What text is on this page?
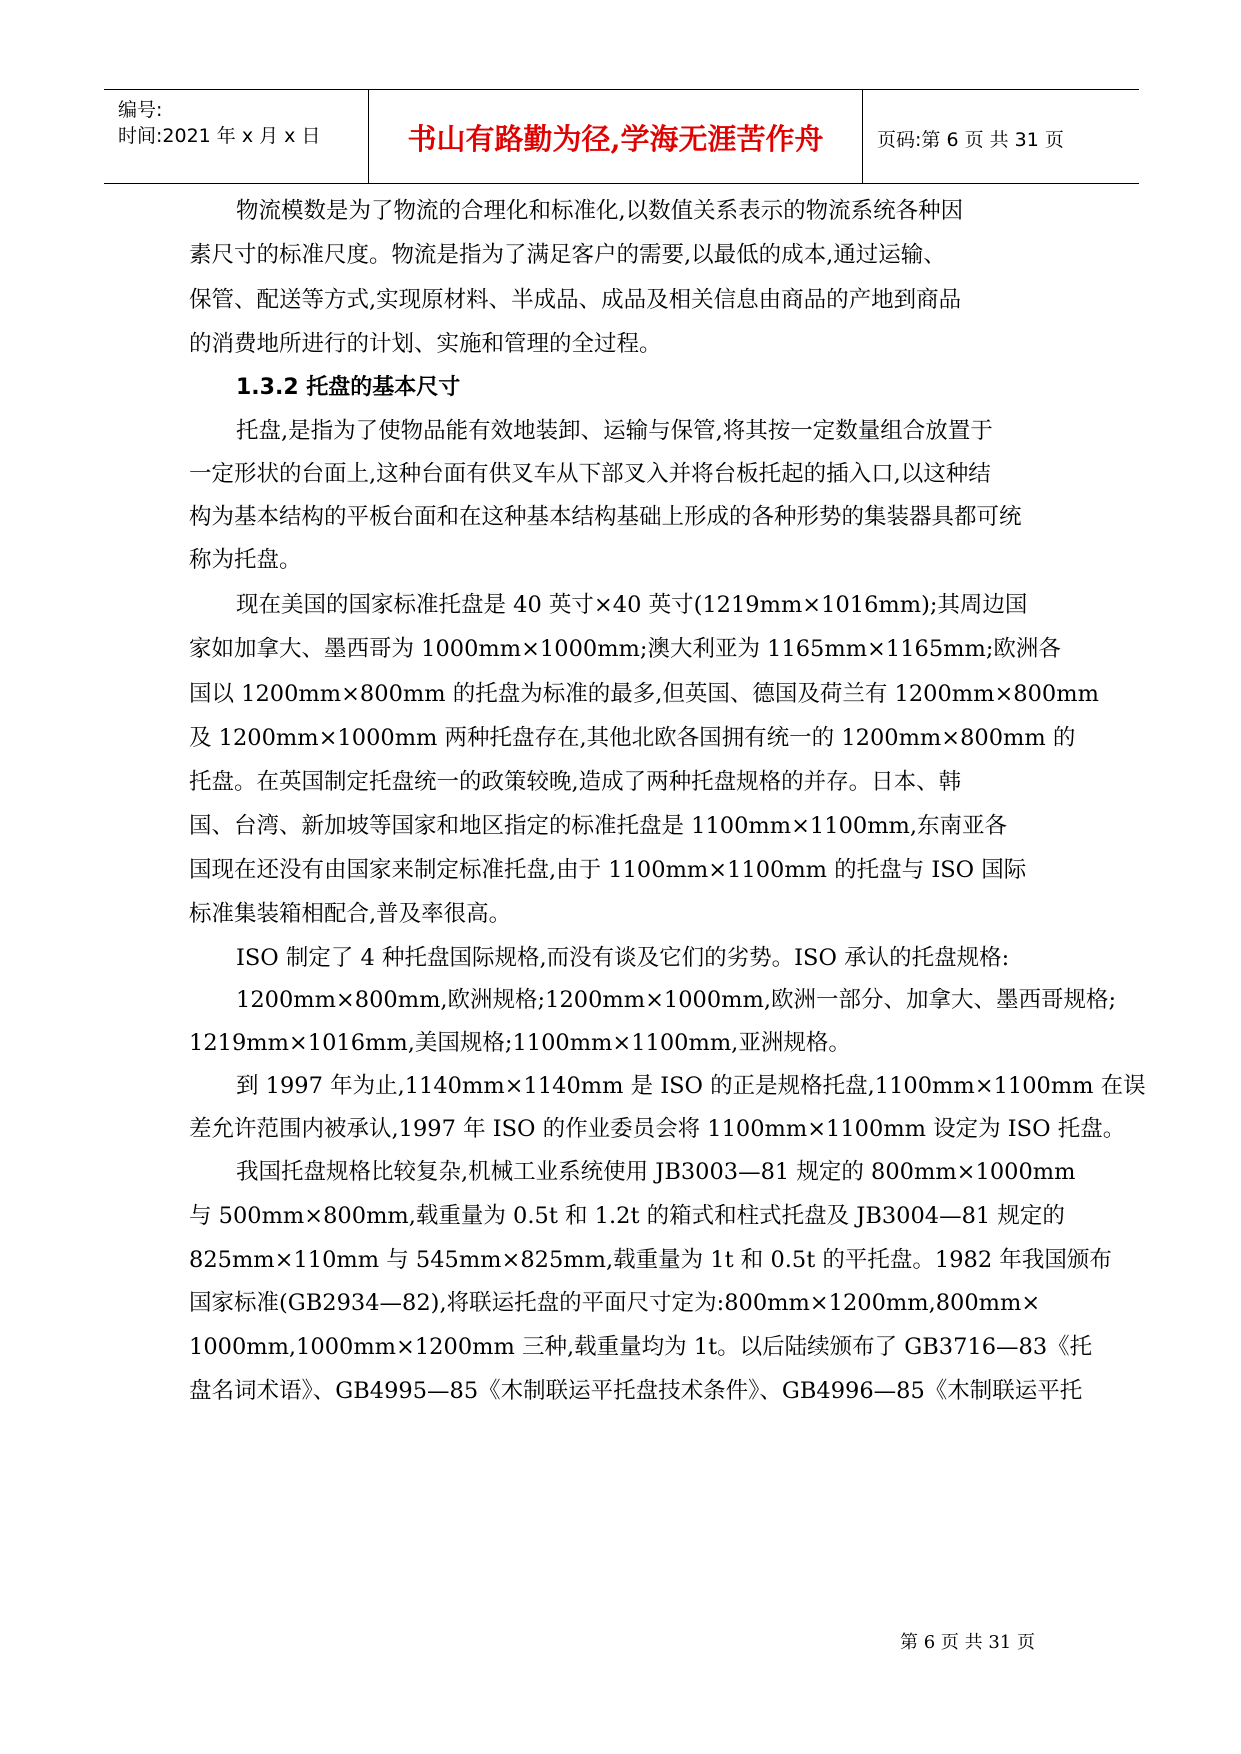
编号:
时间:2021 年 x 月 x 日	书山有路勤为径,学海无涯苦作舟	页码:第 6 页 共 31 页
物流模数是为了物流的合理化和标准化,以数值关系表示的物流系统各种因
素尺寸的标准尺度。物流是指为了满足客户的需要,以最低的成本,通过运输、
保管、配送等方式,实现原材料、半成品、成品及相关信息由商品的产地到商品
的消费地所进行的计划、实施和管理的全过程。
1.3.2 托盘的基本尺寸
托盘,是指为了使物品能有效地装卸、运输与保管,将其按一定数量组合放置于
一定形状的台面上,这种台面有供叉车从下部叉入并将台板托起的插入口,以这种结
构为基本结构的平板台面和在这种基本结构基础上形成的各种形势的集装器具都可统
称为托盘。
现在美国的国家标准托盘是 40 英寸×40 英寸(1219mm×1016mm);其周边国
家如加拿大、墨西哥为 1000mm×1000mm;澳大利亚为 1165mm×1165mm;欧洲各
国以 1200mm×800mm 的托盘为标准的最多,但英国、德国及荷兰有 1200mm×800mm
及 1200mm×1000mm 两种托盘存在,其他北欧各国拥有统一的 1200mm×800mm 的
托盘。在英国制定托盘统一的政策较晚,造成了两种托盘规格的并存。日本、韩
国、台湾、新加坡等国家和地区指定的标准托盘是 1100mm×1100mm,东南亚各
国现在还没有由国家来制定标准托盘,由于 1100mm×1100mm 的托盘与 ISO 国际
标准集装箱相配合,普及率很高。
ISO 制定了 4 种托盘国际规格,而没有谈及它们的劣势。ISO 承认的托盘规格:
1200mm×800mm,欧洲规格;1200mm×1000mm,欧洲一部分、加拿大、墨西哥规格;
1219mm×1016mm,美国规格;1100mm×1100mm,亚洲规格。
到 1997 年为止,1140mm×1140mm 是 ISO 的正是规格托盘,1100mm×1100mm 在误
差允许范围内被承认,1997 年 ISO 的作业委员会将 1100mm×1100mm 设定为 ISO 托盘。
我国托盘规格比较复杂,机械工业系统使用 JB3003—81 规定的 800mm×1000mm
与 500mm×800mm,载重量为 0.5t 和 1.2t 的箱式和柱式托盘及 JB3004—81 规定的
825mm×110mm 与 545mm×825mm,载重量为 1t 和 0.5t 的平托盘。1982 年我国颁布
国家标准(GB2934—82),将联运托盘的平面尺寸定为:800mm×1200mm,800mm×
1000mm,1000mm×1200mm 三种,载重量均为 1t。以后陆续颁布了 GB3716—83《托
盘名词术语》、GB4995—85《木制联运平托盘技术条件》、GB4996—85《木制联运平托
第 6 页 共 31 页
